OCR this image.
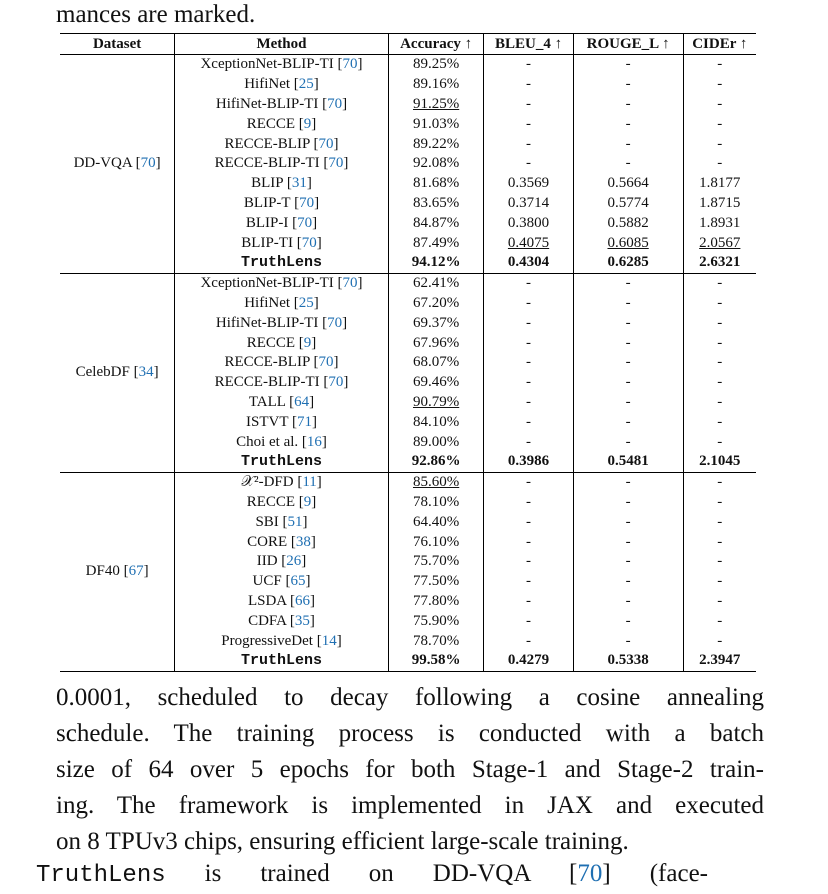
mances are marked.
Dataset	Method	Accuracy ↑	BLEU_4 ↑	ROUGE_L ↑	CIDEr ↑
DD-VQA [70]	XceptionNet-BLIP-TI [70]	89.25%	-	-	-
	HifiNet [25]	89.16%	-	-	-
	HifiNet-BLIP-TI [70]	91.25%	-	-	-
	RECCE [9]	91.03%	-	-	-
	RECCE-BLIP [70]	89.22%	-	-	-
	RECCE-BLIP-TI [70]	92.08%	-	-	-
	BLIP [31]	81.68%	0.3569	0.5664	1.8177
	BLIP-T [70]	83.65%	0.3714	0.5774	1.8715
	BLIP-I [70]	84.87%	0.3800	0.5882	1.8931
	BLIP-TI [70]	87.49%	0.4075	0.6085	2.0567
	TruthLens	94.12%	0.4304	0.6285	2.6321
CelebDF [34]	XceptionNet-BLIP-TI [70]	62.41%	-	-	-
	HifiNet [25]	67.20%	-	-	-
	HifiNet-BLIP-TI [70]	69.37%	-	-	-
	RECCE [9]	67.96%	-	-	-
	RECCE-BLIP [70]	68.07%	-	-	-
	RECCE-BLIP-TI [70]	69.46%	-	-	-
	TALL [64]	90.79%	-	-	-
	ISTVT [71]	84.10%	-	-	-
	Choi et al. [16]	89.00%	-	-	-
	TruthLens	92.86%	0.3986	0.5481	2.1045
DF40 [67]	𝒳²-DFD [11]	85.60%	-	-	-
	RECCE [9]	78.10%	-	-	-
	SBI [51]	64.40%	-	-	-
	CORE [38]	76.10%	-	-	-
	IID [26]	75.70%	-	-	-
	UCF [65]	77.50%	-	-	-
	LSDA [66]	77.80%	-	-	-
	CDFA [35]	75.90%	-	-	-
	ProgressiveDet [14]	78.70%	-	-	-
	TruthLens	99.58%	0.4279	0.5338	2.3947

0.0001, scheduled to decay following a cosine annealing

schedule. The training process is conducted with a batch

size of 64 over 5 epochs for both Stage-1 and Stage-2 train-

ing. The framework is implemented in JAX and executed

on 8 TPUv3 chips, ensuring efficient large-scale training.

TruthLens is trained on DD-VQA [70] (face-
